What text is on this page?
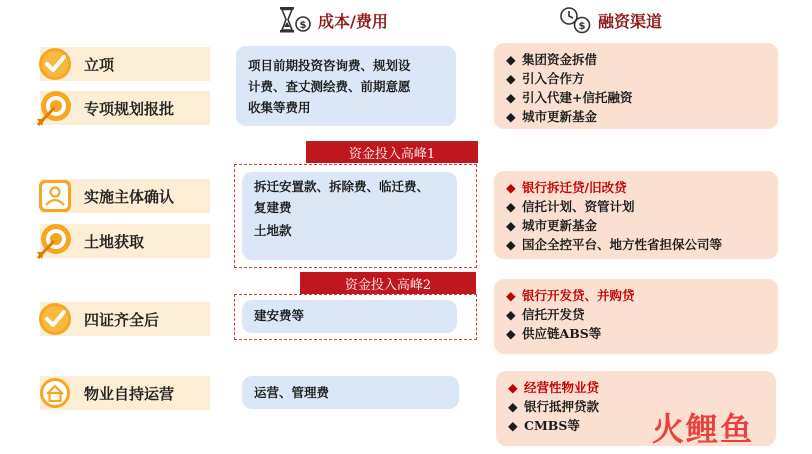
$ 成本/费用	$ 融资渠道
立项
专项规划报批
实施主体确认
土地获取
四证齐全后
物业自持运营
项目前期投资咨询费、规划设
计费、查丈测绘费、前期意愿
收集等费用
资金投入高峰1
拆迁安置款、拆除费、临迁费、
复建费
土地款
资金投入高峰2
建安费等
运营、管理费
◆ 集团资金拆借
◆ 引入合作方
◆ 引入代建+信托融资
◆ 城市更新基金
◆ 银行拆迁贷/旧改贷
◆ 信托计划、资管计划
◆ 城市更新基金
◆ 国企全控平台、地方性省担保公司等
◆ 银行开发贷、并购贷
◆ 信托开发贷
◆ 供应链ABS等
◆ 经营性物业贷
◆ 银行抵押贷款
◆ CMBS等 火鲤鱼
